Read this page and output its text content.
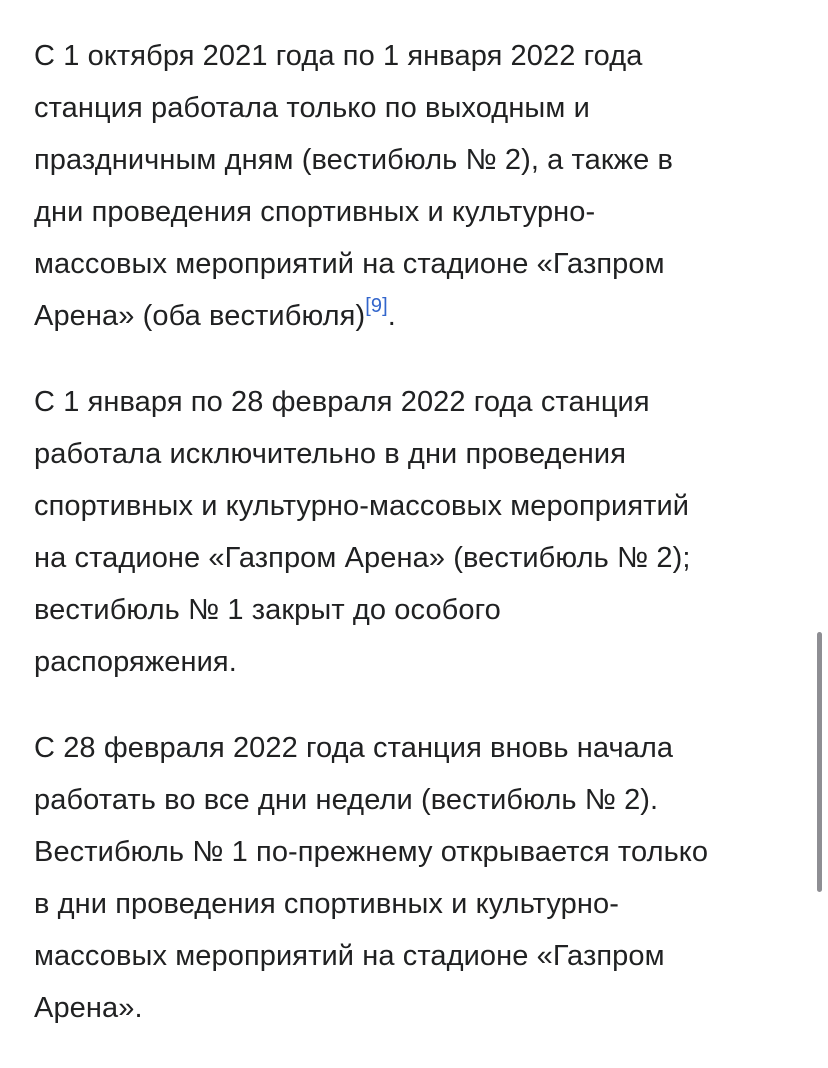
С 1 октября 2021 года по 1 января 2022 года
станция работала только по выходным и
праздничным дням (вестибюль № 2), а также в
дни проведения спортивных и культурно-
массовых мероприятий на стадионе «Газпром
Арена» (оба вестибюля)[9].

С 1 января по 28 февраля 2022 года станция
работала исключительно в дни проведения
спортивных и культурно-массовых мероприятий
на стадионе «Газпром Арена» (вестибюль № 2);
вестибюль № 1 закрыт до особого
распоряжения.

С 28 февраля 2022 года станция вновь начала
работать во все дни недели (вестибюль № 2).
Вестибюль № 1 по-прежнему открывается только
в дни проведения спортивных и культурно-
массовых мероприятий на стадионе «Газпром
Арена».
